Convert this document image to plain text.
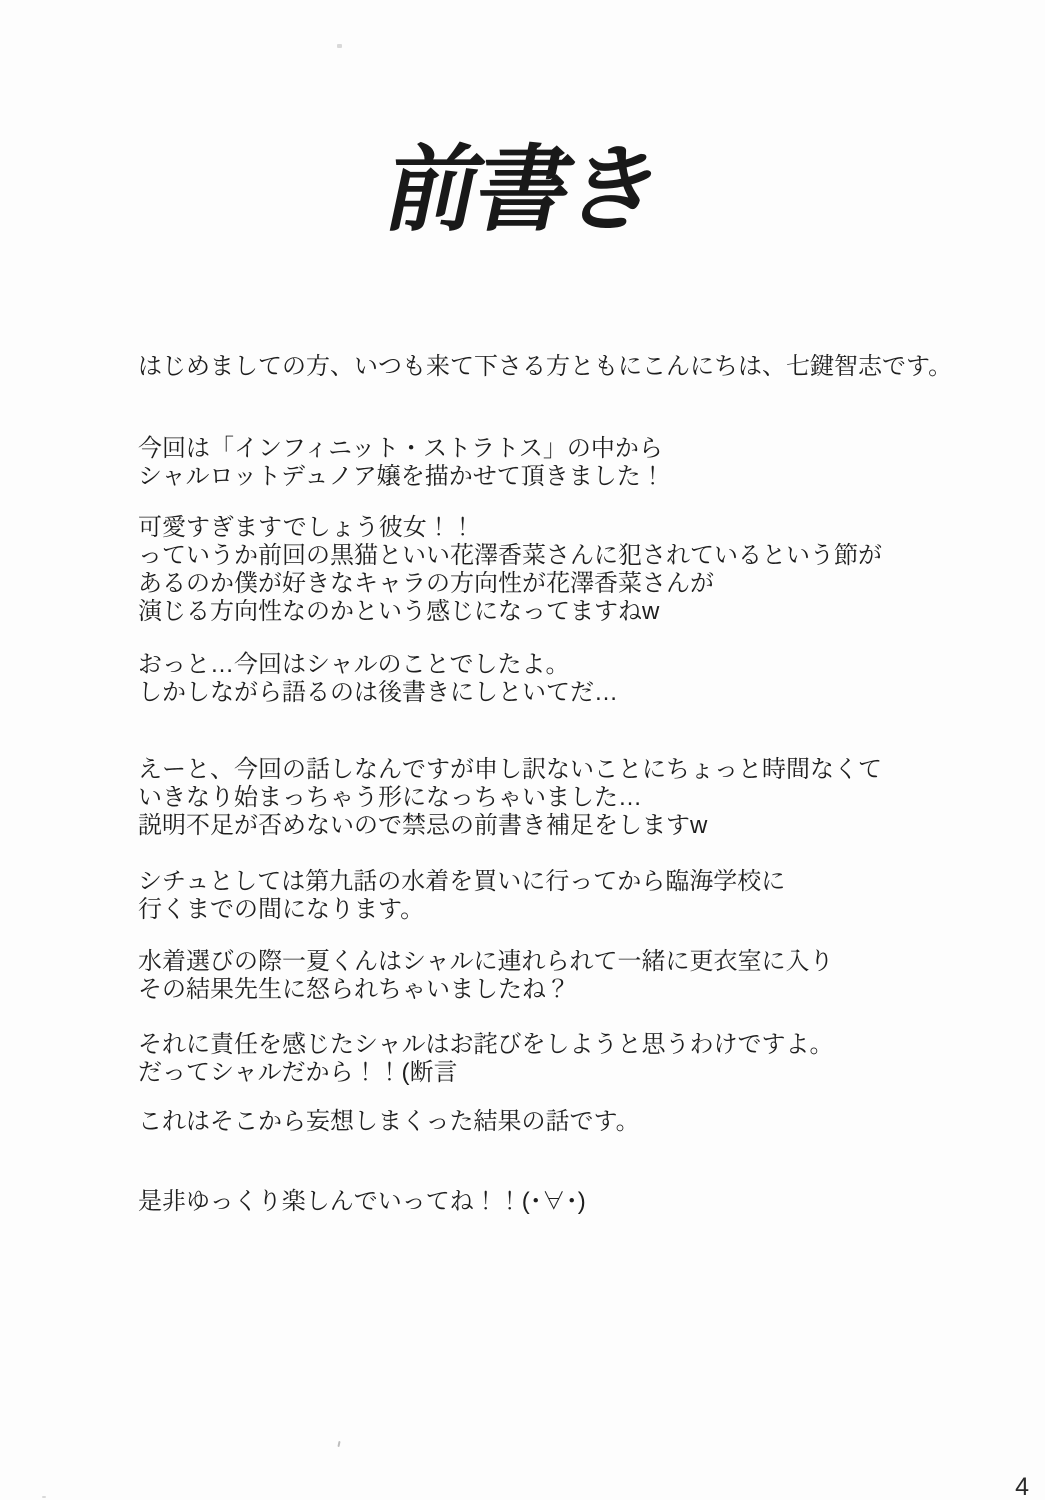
前書き
はじめましての方、いつも来て下さる方ともにこんにちは、七鍵智志です。
今回は「インフィニット・ストラトス」の中から
シャルロットデュノア嬢を描かせて頂きました！
可愛すぎますでしょう彼女！！
っていうか前回の黒猫といい花澤香菜さんに犯されているという節が
あるのか僕が好きなキャラの方向性が花澤香菜さんが
演じる方向性なのかという感じになってますねw
おっと…今回はシャルのことでしたよ。
しかしながら語るのは後書きにしといてだ…
えーと、今回の話しなんですが申し訳ないことにちょっと時間なくて
いきなり始まっちゃう形になっちゃいました…
説明不足が否めないので禁忌の前書き補足をしますw
シチュとしては第九話の水着を買いに行ってから臨海学校に
行くまでの間になります。
水着選びの際一夏くんはシャルに連れられて一緒に更衣室に入り
その結果先生に怒られちゃいましたね？
それに責任を感じたシャルはお詫びをしようと思うわけですよ。
だってシャルだから！！(断言
これはそこから妄想しまくった結果の話です。
是非ゆっくり楽しんでいってね！！(･∀･)
4
